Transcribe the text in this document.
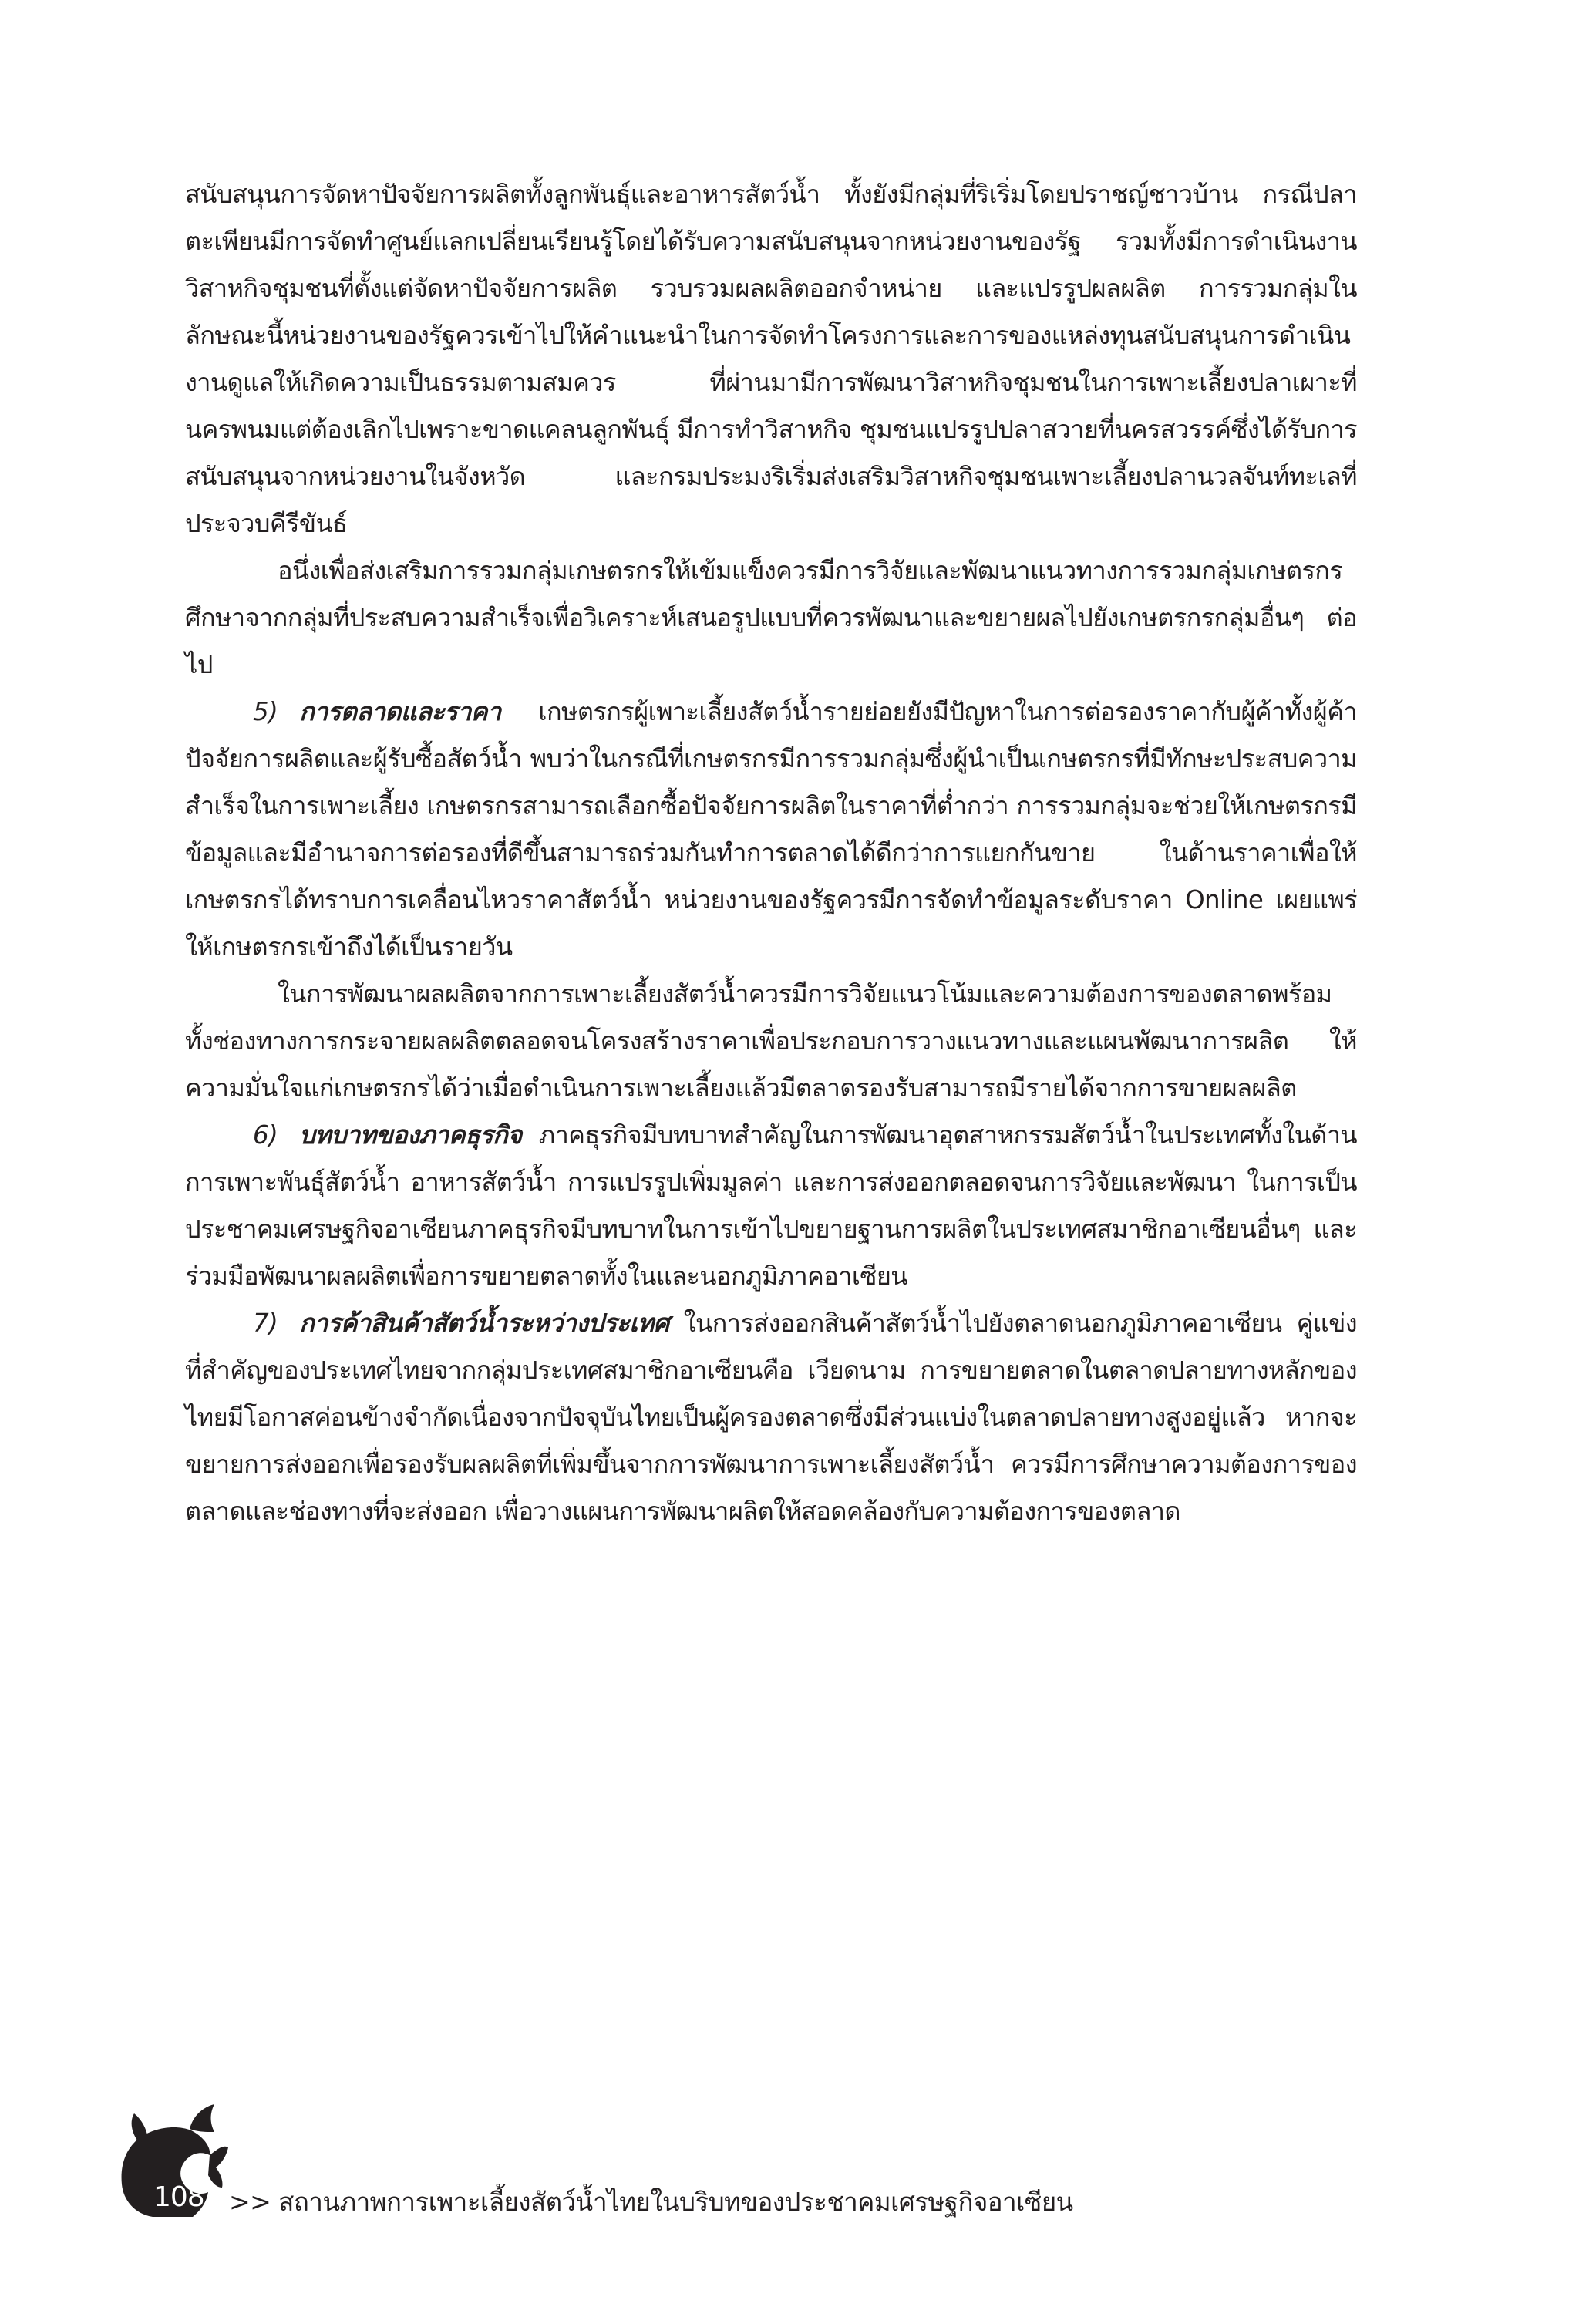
สนับสนุนการจัดหาปัจจัยการผลิตทั้งลูกพันธุ์และอาหารสัตว์น้ำ ทั้งยังมีกลุ่มที่ริเริ่มโดยปราชญ์ชาวบ้าน กรณีปลาตะเพียนมีการจัดทำศูนย์แลกเปลี่ยนเรียนรู้โดยได้รับความสนับสนุนจากหน่วยงานของรัฐ รวมทั้งมีการดำเนินงานวิสาหกิจชุมชนที่ตั้งแต่จัดหาปัจจัยการผลิต รวบรวมผลผลิตออกจำหน่าย และแปรรูปผลผลิต การรวมกลุ่มในลักษณะนี้หน่วยงานของรัฐควรเข้าไปให้คำแนะนำในการจัดทำโครงการและการของแหล่งทุนสนับสนุนการดำเนินงานดูแลให้เกิดความเป็นธรรมตามสมควร ที่ผ่านมามีการพัฒนาวิสาหกิจชุมชนในการเพาะเลี้ยงปลาเผาะที่นครพนมแต่ต้องเลิกไปเพราะขาดแคลนลูกพันธุ์ มีการทำวิสาหกิจ ชุมชนแปรรูปปลาสวายที่นครสวรรค์ซึ่งได้รับการสนับสนุนจากหน่วยงานในจังหวัด และกรมประมงริเริ่มส่งเสริมวิสาหกิจชุมชนเพาะเลี้ยงปลานวลจันท์ทะเลที่ประจวบคีรีขันธ์

อนึ่งเพื่อส่งเสริมการรวมกลุ่มเกษตรกรให้เข้มแข็งควรมีการวิจัยและพัฒนาแนวทางการรวมกลุ่มเกษตรกร ศึกษาจากกลุ่มที่ประสบความสำเร็จเพื่อวิเคราะห์เสนอรูปแบบที่ควรพัฒนาและขยายผลไปยังเกษตรกรกลุ่มอื่นๆ ต่อไป

5) การตลาดและราคา เกษตรกรผู้เพาะเลี้ยงสัตว์น้ำรายย่อยยังมีปัญหาในการต่อรองราคากับผู้ค้าทั้งผู้ค้าปัจจัยการผลิตและผู้รับซื้อสัตว์น้ำ พบว่าในกรณีที่เกษตรกรมีการรวมกลุ่มซึ่งผู้นำเป็นเกษตรกรที่มีทักษะประสบความสำเร็จในการเพาะเลี้ยง เกษตรกรสามารถเลือกซื้อปัจจัยการผลิตในราคาที่ต่ำกว่า การรวมกลุ่มจะช่วยให้เกษตรกรมีข้อมูลและมีอำนาจการต่อรองที่ดีขึ้นสามารถร่วมกันทำการตลาดได้ดีกว่าการแยกกันขาย ในด้านราคาเพื่อให้เกษตรกรได้ทราบการเคลื่อนไหวราคาสัตว์น้ำ หน่วยงานของรัฐควรมีการจัดทำข้อมูลระดับราคา Online เผยแพร่ให้เกษตรกรเข้าถึงได้เป็นรายวัน

ในการพัฒนาผลผลิตจากการเพาะเลี้ยงสัตว์น้ำควรมีการวิจัยแนวโน้มและความต้องการของตลาดพร้อมทั้งช่องทางการกระจายผลผลิตตลอดจนโครงสร้างราคาเพื่อประกอบการวางแนวทางและแผนพัฒนาการผลิต ให้ความมั่นใจแก่เกษตรกรได้ว่าเมื่อดำเนินการเพาะเลี้ยงแล้วมีตลาดรองรับสามารถมีรายได้จากการขายผลผลิต

6) บทบาทของภาคธุรกิจ ภาคธุรกิจมีบทบาทสำคัญในการพัฒนาอุตสาหกรรมสัตว์น้ำในประเทศทั้งในด้านการเพาะพันธุ์สัตว์น้ำ อาหารสัตว์น้ำ การแปรรูปเพิ่มมูลค่า และการส่งออกตลอดจนการวิจัยและพัฒนา ในการเป็นประชาคมเศรษฐกิจอาเซียนภาคธุรกิจมีบทบาทในการเข้าไปขยายฐานการผลิตในประเทศสมาชิกอาเซียนอื่นๆ และร่วมมือพัฒนาผลผลิตเพื่อการขยายตลาดทั้งในและนอกภูมิภาคอาเซียน

7) การค้าสินค้าสัตว์น้ำระหว่างประเทศ ในการส่งออกสินค้าสัตว์น้ำไปยังตลาดนอกภูมิภาคอาเซียน คู่แข่งที่สำคัญของประเทศไทยจากกลุ่มประเทศสมาชิกอาเซียนคือ เวียดนาม การขยายตลาดในตลาดปลายทางหลักของไทยมีโอกาสค่อนข้างจำกัดเนื่องจากปัจจุบันไทยเป็นผู้ครองตลาดซึ่งมีส่วนแบ่งในตลาดปลายทางสูงอยู่แล้ว หากจะขยายการส่งออกเพื่อรองรับผลผลิตที่เพิ่มขึ้นจากการพัฒนาการเพาะเลี้ยงสัตว์น้ำ ควรมีการศึกษาความต้องการของตลาดและช่องทางที่จะส่งออก เพื่อวางแผนการพัฒนาผลิตให้สอดคล้องกับความต้องการของตลาด

108 >> สถานภาพการเพาะเลี้ยงสัตว์น้ำไทยในบริบทของประชาคมเศรษฐกิจอาเซียน
